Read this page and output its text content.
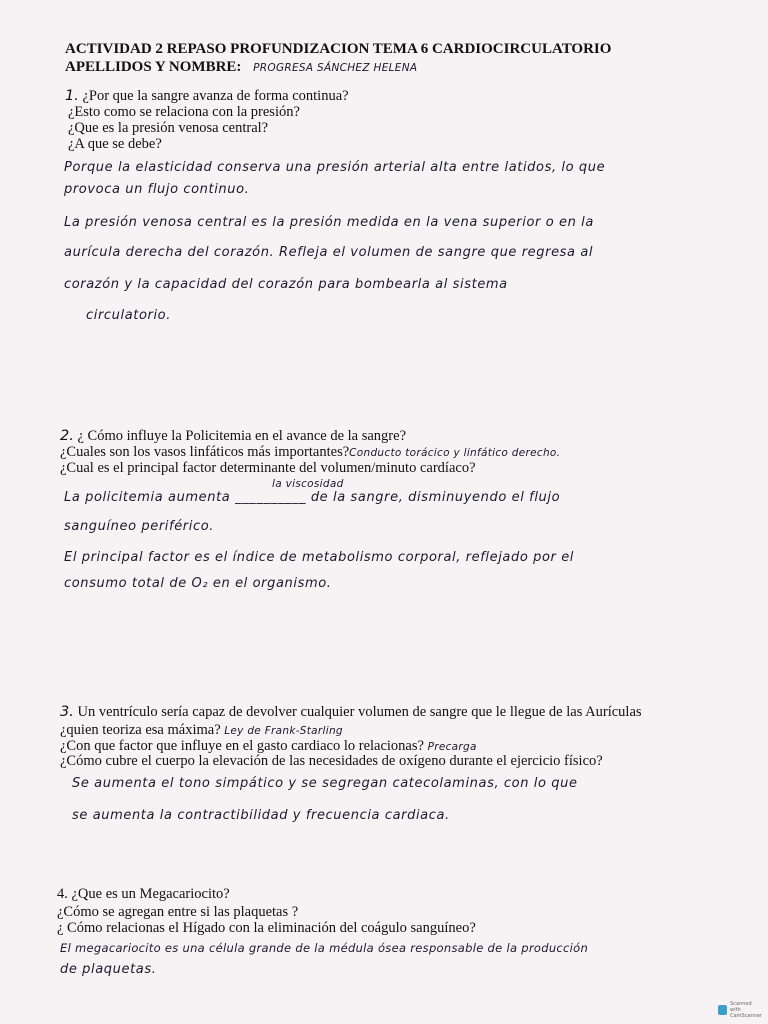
ACTIVIDAD 2 REPASO PROFUNDIZACION TEMA 6 CARDIOCIRCULATORIO
APELLIDOS Y NOMBRE: PROGRESA SÁNCHEZ HELENA
1. ¿Por que la sangre avanza de forma continua?
¿Esto como se relaciona con la presión?
¿Que es la presión venosa central?
¿A que se debe?
Porque la elasticidad conserva una presión arterial alta entre latidos, lo que
provoca un flujo continuo.
La presión venosa central es la presión medida en la vena superior o en la
aurícula derecha del corazón. Refleja el volumen de sangre que regresa al
corazón y la capacidad del corazón para bombearla al sistema
circulatorio.
2. ¿ Cómo influye la Policitemia en el avance de la sangre?
¿Cuales son los vasos linfáticos más importantes?Conducto torácico y linfático derecho.
¿Cual es el principal factor determinante del volumen/minuto cardíaco?
la viscosidad
La policitemia aumenta __________ de la sangre, disminuyendo el flujo
sanguíneo periférico.
El principal factor es el índice de metabolismo corporal, reflejado por el
consumo total de O₂ en el organismo.
3. Un ventrículo sería capaz de devolver cualquier volumen de sangre que le llegue de las Aurículas
¿quien teoriza esa máxima? Ley de Frank-Starling
¿Con que factor que influye en el gasto cardiaco lo relacionas? Precarga
¿Cómo cubre el cuerpo la elevación de las necesidades de oxígeno durante el ejercicio físico?
Se aumenta el tono simpático y se segregan catecolaminas, con lo que
se aumenta la contractibilidad y frecuencia cardiaca.
4. ¿Que es un Megacariocito?
¿Cómo se agregan entre si las plaquetas ?
¿ Cómo relacionas el Hígado con la eliminación del coágulo sanguíneo?
El megacariocito es una célula grande de la médula ósea responsable de la producción
de plaquetas.
Scanned with
CamScanner
